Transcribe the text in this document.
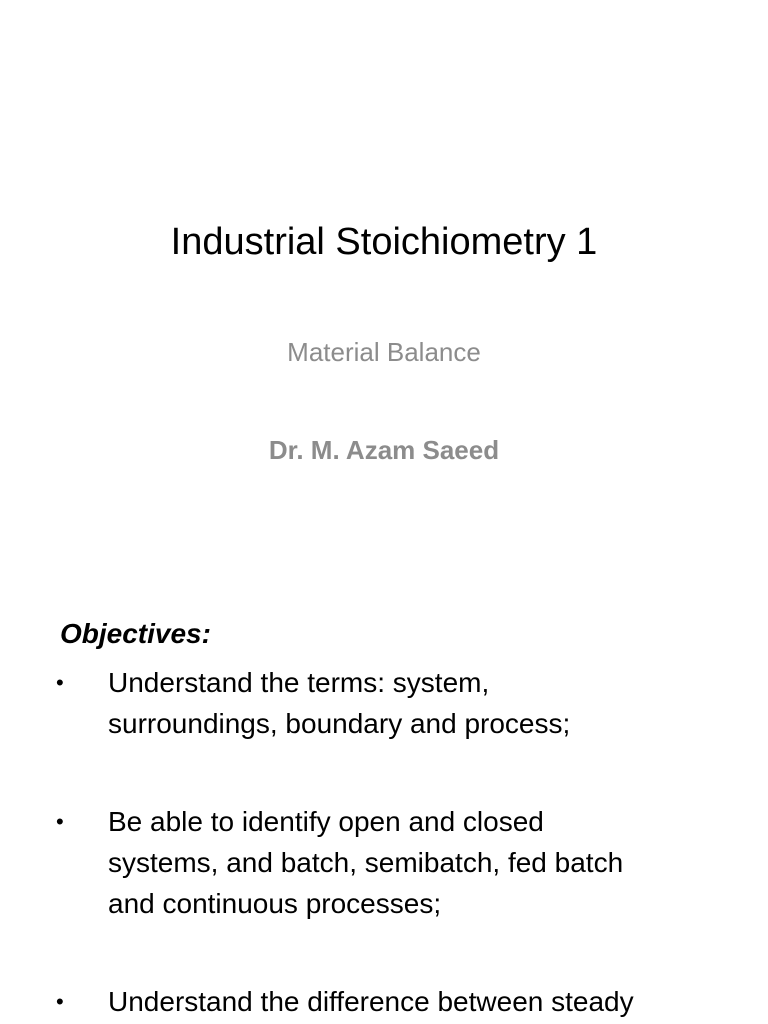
Industrial Stoichiometry 1
Material Balance
Dr. M. Azam Saeed
Objectives:
•	Understand the terms: system,
surroundings, boundary and process;
•	Be able to identify open and closed
systems, and batch, semibatch, fed batch
and continuous processes;
•	Understand the difference between steady
